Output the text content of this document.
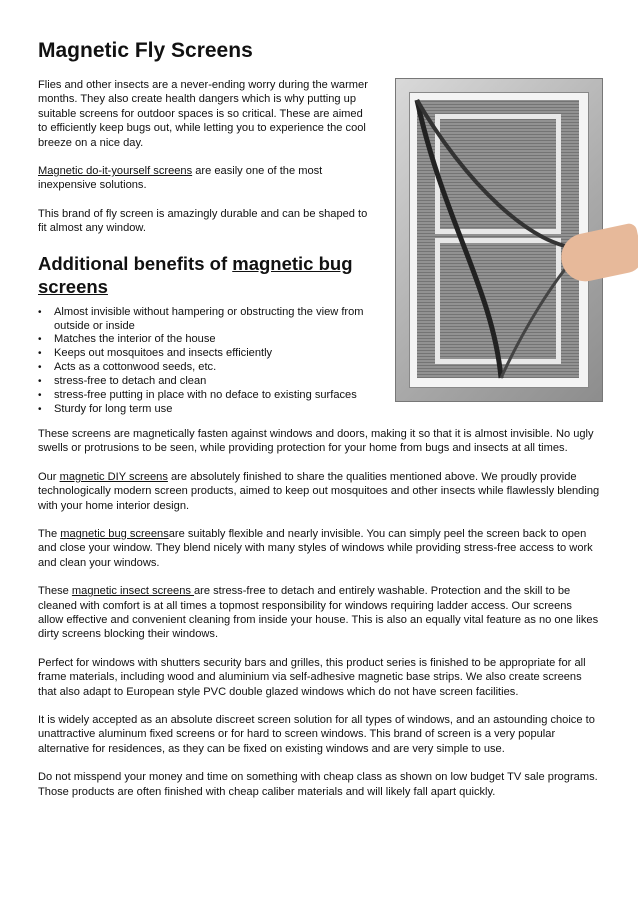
Magnetic Fly Screens

Flies and other insects are a never-ending worry during the warmer months. They also create health dangers which is why putting up suitable screens for outdoor spaces is so critical. These are aimed to efficiently keep bugs out, while letting you to experience the cool breeze on a nice day.

Magnetic do-it-yourself screens are easily one of the most inexpensive solutions.

This brand of fly screen is amazingly durable and can be shaped to fit almost any window.

Additional benefits of magnetic bug screens
• Almost invisible without hampering or obstructing the view from outside or inside
• Matches the interior of the house
• Keeps out mosquitoes and insects efficiently
• Acts as a cottonwood seeds, etc.
• stress-free to detach and clean
• stress-free putting in place with no deface to existing surfaces
• Sturdy for long term use

These screens are magnetically fasten against windows and doors, making it so that it is almost invisible. No ugly swells or protrusions to be seen, while providing protection for your home from bugs and insects at all times.

Our magnetic DIY screens are absolutely finished to share the qualities mentioned above. We proudly provide technologically modern screen products, aimed to keep out mosquitoes and other insects while flawlessly blending with your home interior design.

The magnetic bug screensare suitably flexible and nearly invisible. You can simply peel the screen back to open and close your window. They blend nicely with many styles of windows while providing stress-free access to work and clean your windows.

These magnetic insect screens are stress-free to detach and entirely washable. Protection and the skill to be cleaned with comfort is at all times a topmost responsibility for windows requiring ladder access. Our screens allow effective and convenient cleaning from inside your house. This is also an equally vital feature as no one likes dirty screens blocking their windows.

Perfect for windows with shutters security bars and grilles, this product series is finished to be appropriate for all frame materials, including wood and aluminium via self-adhesive magnetic base strips. We also create screens that also adapt to European style PVC double glazed windows which do not have screen facilities.

It is widely accepted as an absolute discreet screen solution for all types of windows, and an astounding choice to unattractive aluminum fixed screens or for hard to screen windows. This brand of screen is a very popular alternative for residences, as they can be fixed on existing windows and are very simple to use.

Do not misspend your money and time on something with cheap class as shown on low budget TV sale programs. Those products are often finished with cheap caliber materials and will likely fall apart quickly.
